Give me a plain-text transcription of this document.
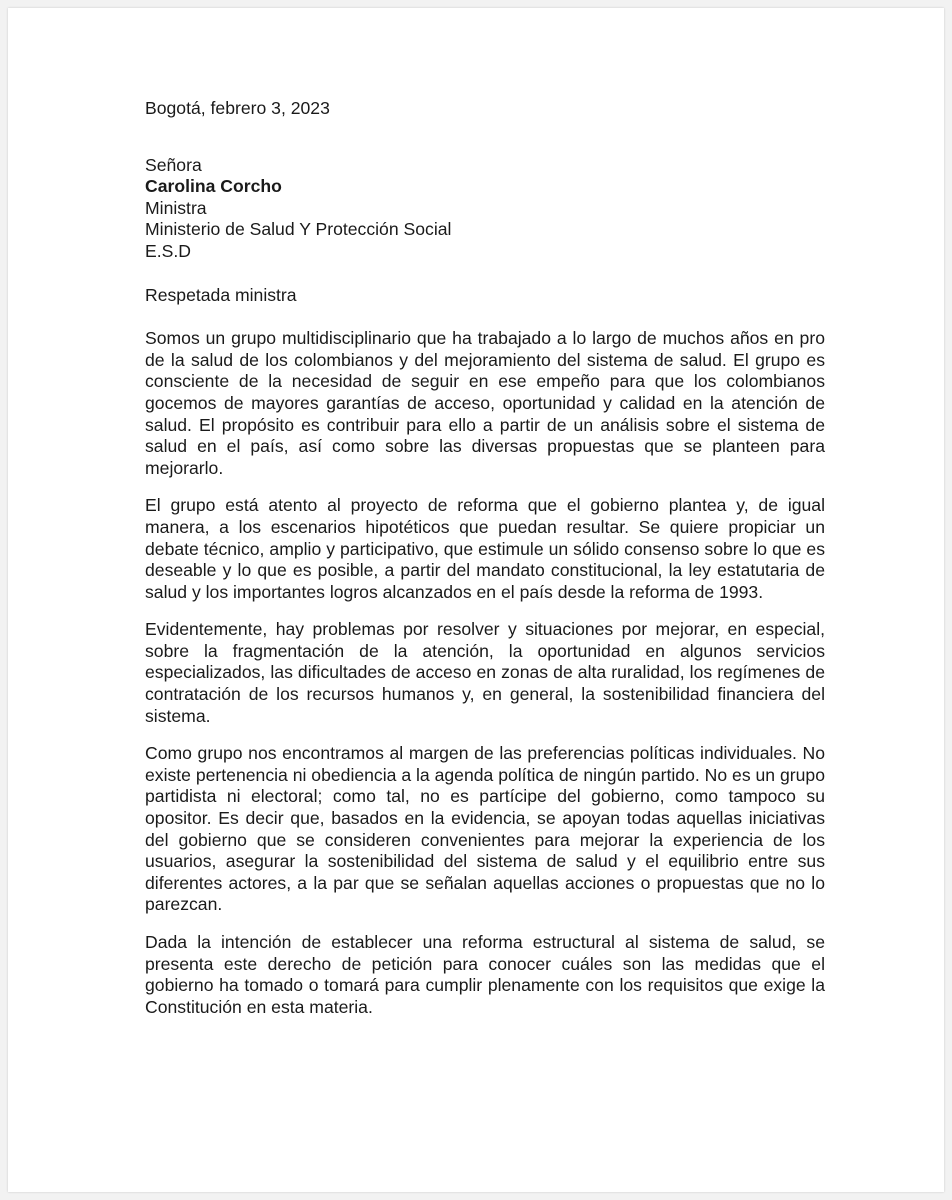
Bogotá, febrero 3, 2023

Señora
Carolina Corcho
Ministra
Ministerio de Salud Y Protección Social
E.S.D
Respetada ministra

Somos un grupo multidisciplinario que ha trabajado a lo largo de muchos años en pro de la salud de los colombianos y del mejoramiento del sistema de salud. El grupo es consciente de la necesidad de seguir en ese empeño para que los colombianos gocemos de mayores garantías de acceso, oportunidad y calidad en la atención de salud. El propósito es contribuir para ello a partir de un análisis sobre el sistema de salud en el país, así como sobre las diversas propuestas que se planteen para mejorarlo.

El grupo está atento al proyecto de reforma que el gobierno plantea y, de igual manera, a los escenarios hipotéticos que puedan resultar. Se quiere propiciar un debate técnico, amplio y participativo, que estimule un sólido consenso sobre lo que es deseable y lo que es posible, a partir del mandato constitucional, la ley estatutaria de salud y los importantes logros alcanzados en el país desde la reforma de 1993.

Evidentemente, hay problemas por resolver y situaciones por mejorar, en especial, sobre la fragmentación de la atención, la oportunidad en algunos servicios especializados, las dificultades de acceso en zonas de alta ruralidad, los regímenes de contratación de los recursos humanos y, en general, la sostenibilidad financiera del sistema.

Como grupo nos encontramos al margen de las preferencias políticas individuales. No existe pertenencia ni obediencia a la agenda política de ningún partido. No es un grupo partidista ni electoral; como tal, no es partícipe del gobierno, como tampoco su opositor. Es decir que, basados en la evidencia, se apoyan todas aquellas iniciativas del gobierno que se consideren convenientes para mejorar la experiencia de los usuarios, asegurar la sostenibilidad del sistema de salud y el equilibrio entre sus diferentes actores, a la par que se señalan aquellas acciones o propuestas que no lo parezcan.

Dada la intención de establecer una reforma estructural al sistema de salud, se presenta este derecho de petición para conocer cuáles son las medidas que el gobierno ha tomado o tomará para cumplir plenamente con los requisitos que exige la Constitución en esta materia.
